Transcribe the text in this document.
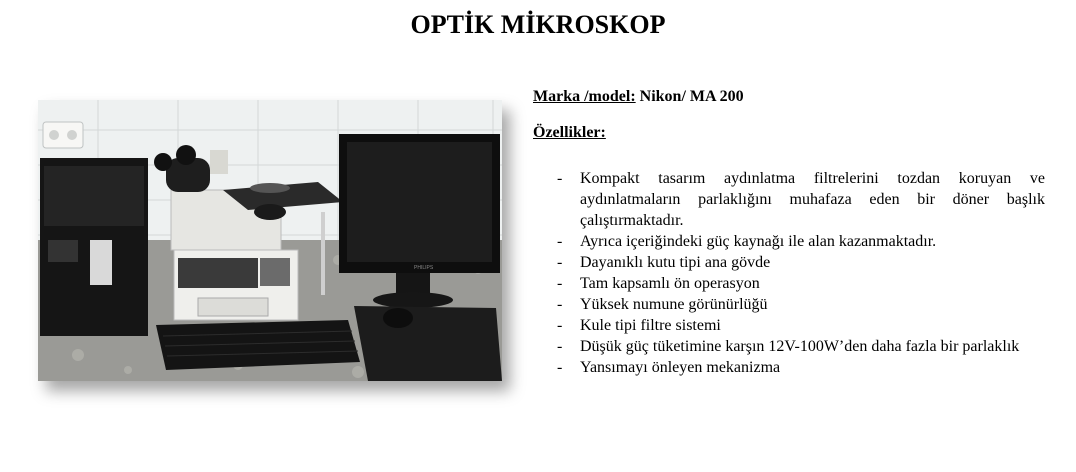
OPTİK MİKROSKOP
PHILIPS
Marka /model: Nikon/ MA 200
Özellikler:
- Kompakt tasarım aydınlatma filtrelerini tozdan koruyan ve aydınlatmaların parlaklığını muhafaza eden bir döner başlık çalıştırmaktadır.
- Ayrıca içeriğindeki güç kaynağı ile alan kazanmaktadır.
- Dayanıklı kutu tipi ana gövde
- Tam kapsamlı ön operasyon
- Yüksek numune görünürlüğü
- Kule tipi filtre sistemi
- Düşük güç tüketimine karşın 12V-100W’den daha fazla bir parlaklık
- Yansımayı önleyen mekanizma
